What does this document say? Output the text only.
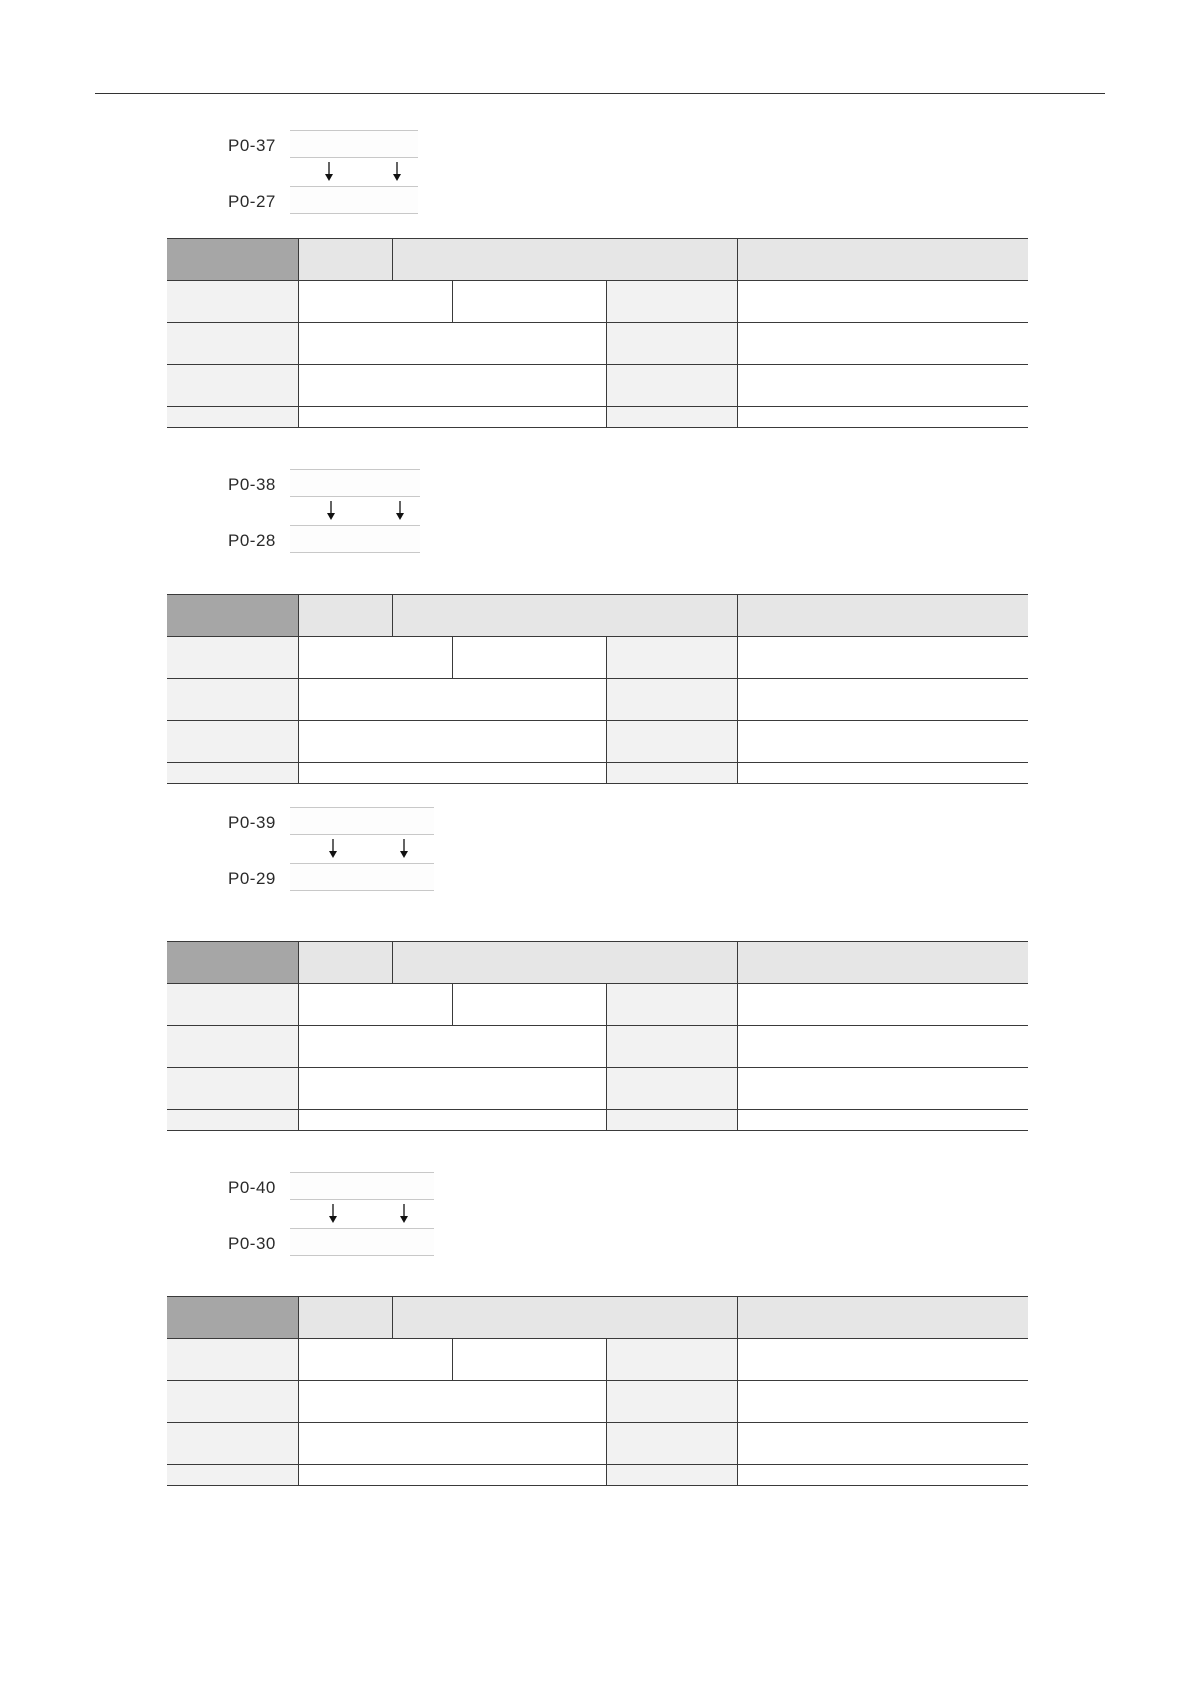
P0-37
P0-27

P0-38
P0-28

P0-39
P0-29

P0-40
P0-30
